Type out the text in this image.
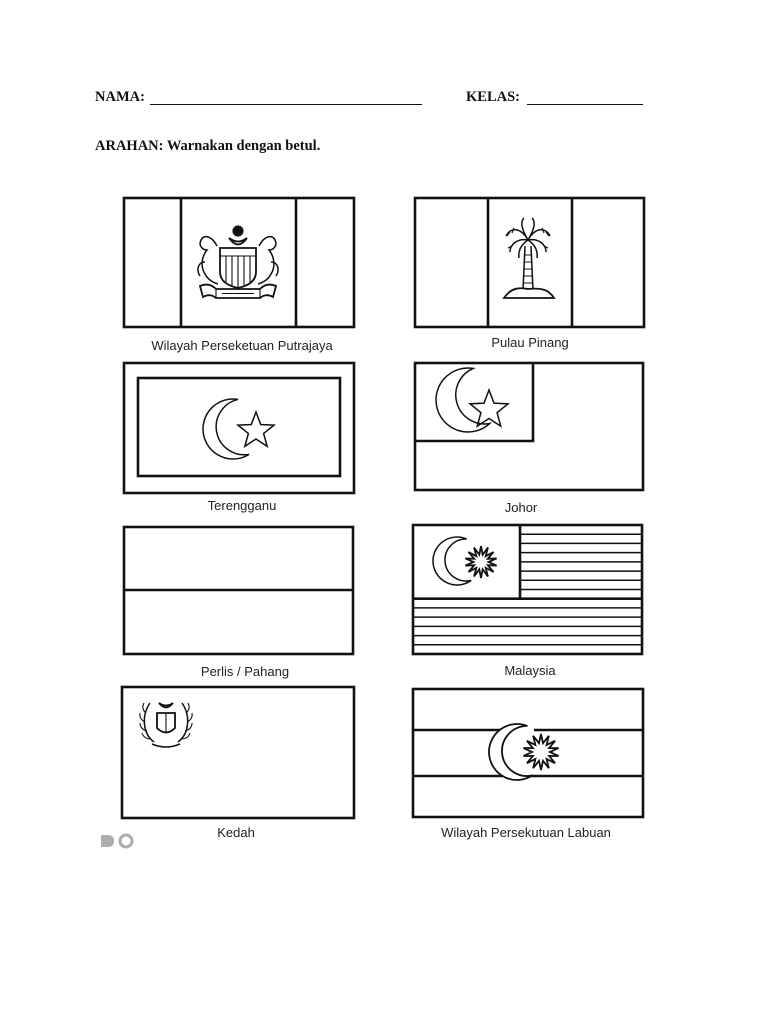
NAMA:	KELAS:
ARAHAN: Warnakan dengan betul.
Wilayah Perseketuan Putrajaya	Pulau Pinang
Terengganu	Johor
Perlis / Pahang	Malaysia
Kedah	Wilayah Persekutuan Labuan
